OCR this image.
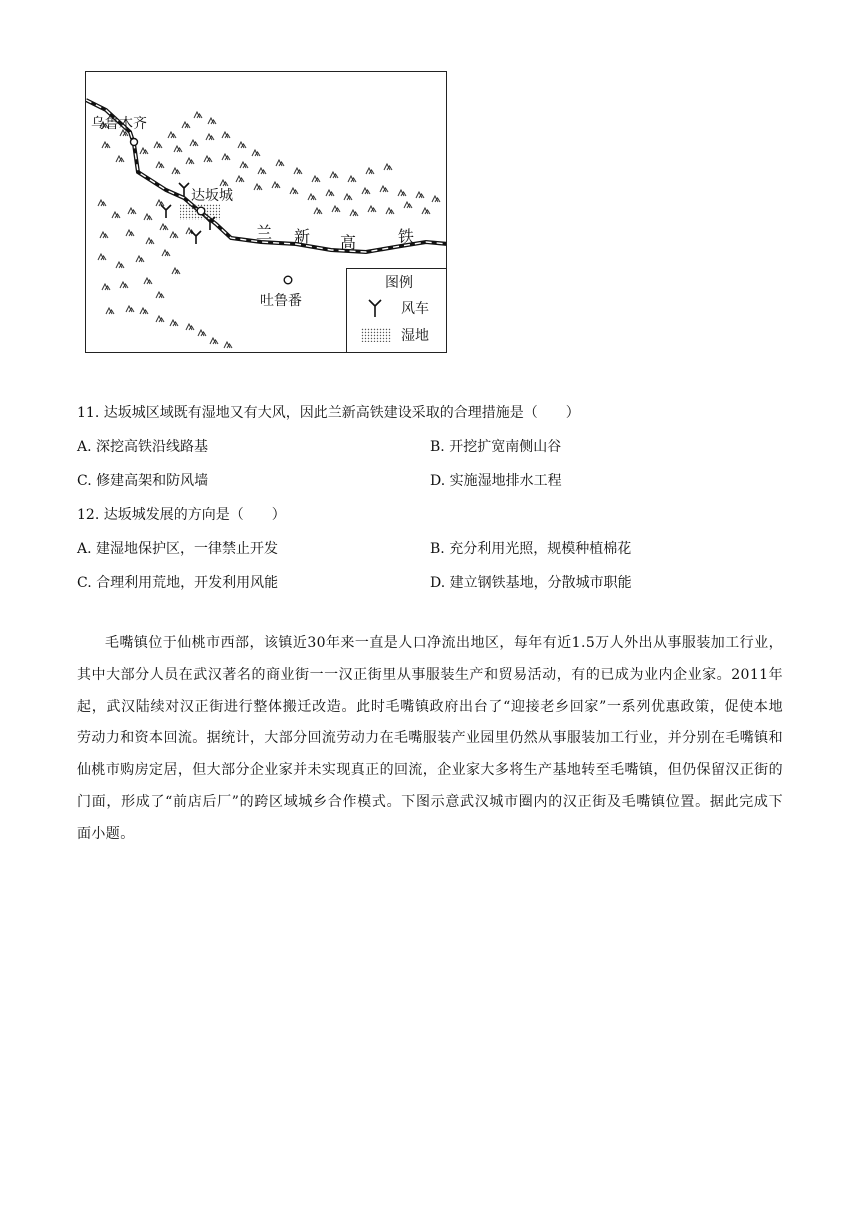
乌鲁木齐
达坂城
吐鲁番
兰 新 高	铁
图例
风车
湿地
11. 达坂城区域既有湿地又有大风，因此兰新高铁建设采取的合理措施是（　　）
A. 深挖高铁沿线路基	B. 开挖扩宽南侧山谷
C. 修建高架和防风墙	D. 实施湿地排水工程
12. 达坂城发展的方向是（　　）
A. 建湿地保护区，一律禁止开发	B. 充分利用光照，规模种植棉花
C. 合理利用荒地，开发利用风能	D. 建立钢铁基地，分散城市职能
毛嘴镇位于仙桃市西部，该镇近30年来一直是人口净流出地区，每年有近1.5万人外出从事服装加工行业，其中大部分人员在武汉著名的商业街一一汉正街里从事服装生产和贸易活动，有的已成为业内企业家。2011年起，武汉陆续对汉正街进行整体搬迁改造。此时毛嘴镇政府出台了“迎接老乡回家”一系列优惠政策，促使本地劳动力和资本回流。据统计，大部分回流劳动力在毛嘴服装产业园里仍然从事服装加工行业，并分别在毛嘴镇和仙桃市购房定居，但大部分企业家并未实现真正的回流，企业家大多将生产基地转至毛嘴镇，但仍保留汉正街的门面，形成了“前店后厂”的跨区域城乡合作模式。下图示意武汉城市圈内的汉正街及毛嘴镇位置。据此完成下面小题。
